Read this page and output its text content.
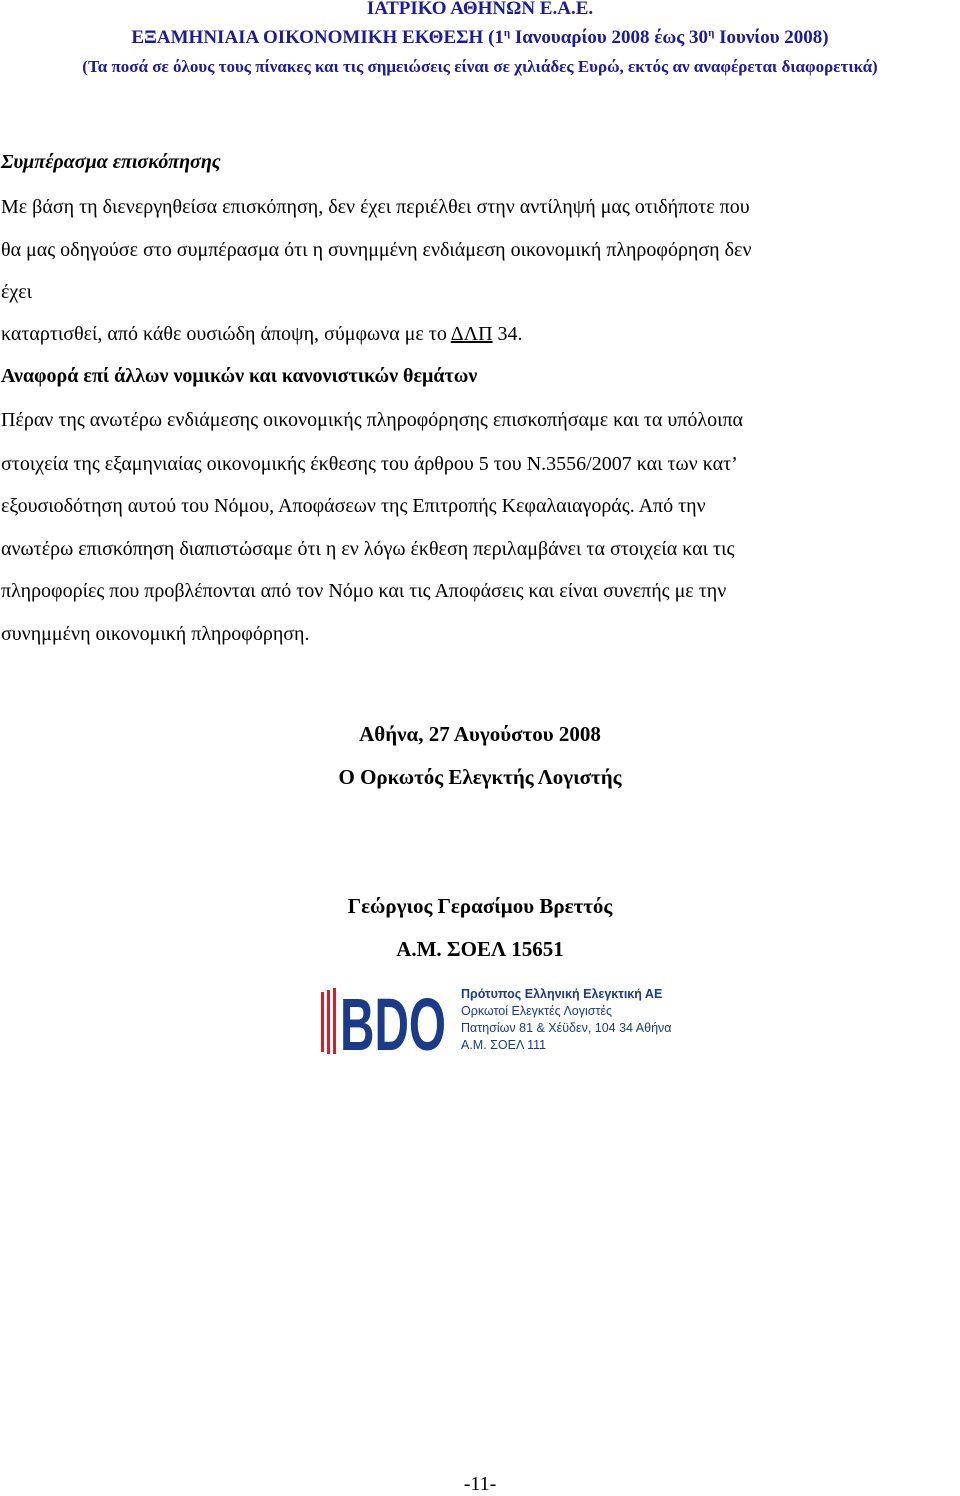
ΙΑΤΡΙΚΟ ΑΘΗΝΩΝ Ε.Α.Ε.
ΕΞΑΜΗΝΙΑΙΑ ΟΙΚΟΝΟΜΙΚΗ ΕΚΘΕΣΗ ($1^\eta$ Ιανουαρίου 2008 έως $30^\eta$ Ιουνίου 2008)
(Τα ποσά σε όλους τους πίνακες και τις σημειώσεις είναι σε χιλιάδες Ευρώ, εκτός αν αναφέρεται διαφορετικά)
Συμπέρασμα επισκόπησης
Με βάση τη διενεργηθείσα επισκόπηση, δεν έχει περιέλθει στην αντίληψή μας οτιδήποτε που
θα μας οδηγούσε στο συμπέρασμα ότι η συνημμένη ενδιάμεση οικονομική πληροφόρηση δεν
έχει
καταρτισθεί, από κάθε ουσιώδη άποψη, σύμφωνα με το ΔΛΠ 34.
Αναφορά επί άλλων νομικών και κανονιστικών θεμάτων
Πέραν της ανωτέρω ενδιάμεσης οικονομικής πληροφόρησης επισκοπήσαμε και τα υπόλοιπα
στοιχεία της εξαμηνιαίας οικονομικής έκθεσης του άρθρου 5 του Ν.3556/2007 και των κατ’
εξουσιοδότηση αυτού του Νόμου, Αποφάσεων της Επιτροπής Κεφαλαιαγοράς. Από την
ανωτέρω επισκόπηση διαπιστώσαμε ότι η εν λόγω έκθεση περιλαμβάνει τα στοιχεία και τις
πληροφορίες που προβλέπονται από τον Νόμο και τις Αποφάσεις και είναι συνεπής με την
συνημμένη οικονομική πληροφόρηση.
Αθήνα, 27 Αυγούστου 2008
Ο Ορκωτός Ελεγκτής Λογιστής
Γεώργιος Γερασίμου Βρεττός
Α.Μ. ΣΟΕΛ 15651
BDO Πρότυπος Ελληνική Ελεγκτική ΑΕ
Ορκωτοί Ελεγκτές Λογιστές
Πατησίων 81 & Χέϋδεν, 104 34 Αθήνα
Α.Μ. ΣΟΕΛ 111
-11-
